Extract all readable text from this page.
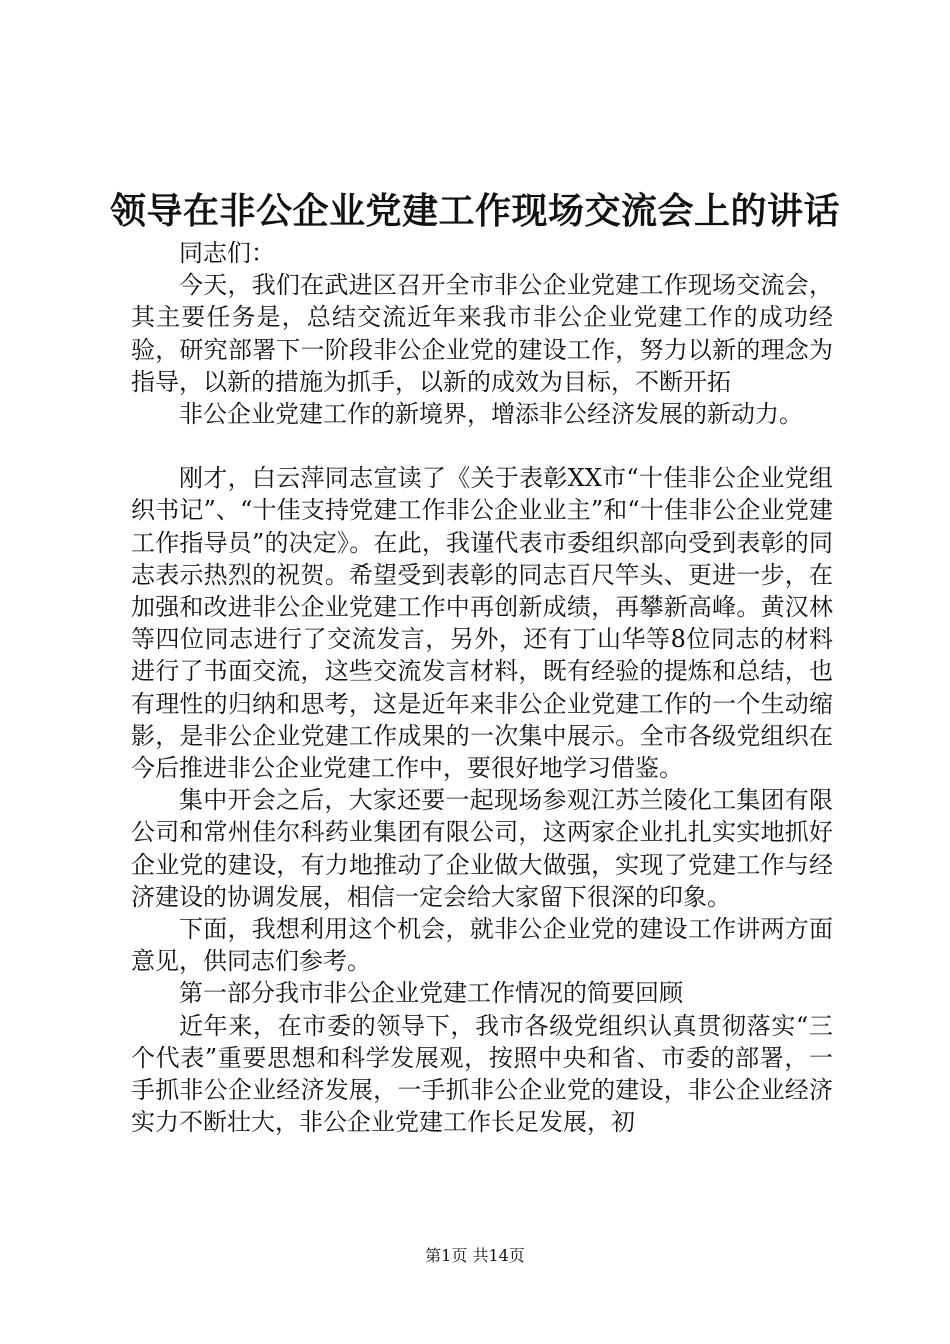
领导在非公企业党建工作现场交流会上的讲话

同志们：

今天，我们在武进区召开全市非公企业党建工作现场交流会，其主要任务是，总结交流近年来我市非公企业党建工作的成功经验，研究部署下一阶段非公企业党的建设工作，努力以新的理念为指导，以新的措施为抓手，以新的成效为目标，不断开拓

非公企业党建工作的新境界，增添非公经济发展的新动力。

刚才，白云萍同志宣读了《关于表彰XX市“十佳非公企业党组织书记”、“十佳支持党建工作非公企业业主”和“十佳非公企业党建工作指导员”的决定》。在此，我谨代表市委组织部向受到表彰的同志表示热烈的祝贺。希望受到表彰的同志百尺竿头、更进一步，在加强和改进非公企业党建工作中再创新成绩，再攀新高峰。黄汉林等四位同志进行了交流发言，另外，还有丁山华等8位同志的材料进行了书面交流，这些交流发言材料，既有经验的提炼和总结，也有理性的归纳和思考，这是近年来非公企业党建工作的一个生动缩影，是非公企业党建工作成果的一次集中展示。全市各级党组织在今后推进非公企业党建工作中，要很好地学习借鉴。

集中开会之后，大家还要一起现场参观江苏兰陵化工集团有限公司和常州佳尔科药业集团有限公司，这两家企业扎扎实实地抓好企业党的建设，有力地推动了企业做大做强，实现了党建工作与经济建设的协调发展，相信一定会给大家留下很深的印象。

下面，我想利用这个机会，就非公企业党的建设工作讲两方面意见，供同志们参考。

第一部分我市非公企业党建工作情况的简要回顾

近年来，在市委的领导下，我市各级党组织认真贯彻落实“三个代表”重要思想和科学发展观，按照中央和省、市委的部署，一手抓非公企业经济发展，一手抓非公企业党的建设，非公企业经济实力不断壮大，非公企业党建工作长足发展，初

第1页 共14页
